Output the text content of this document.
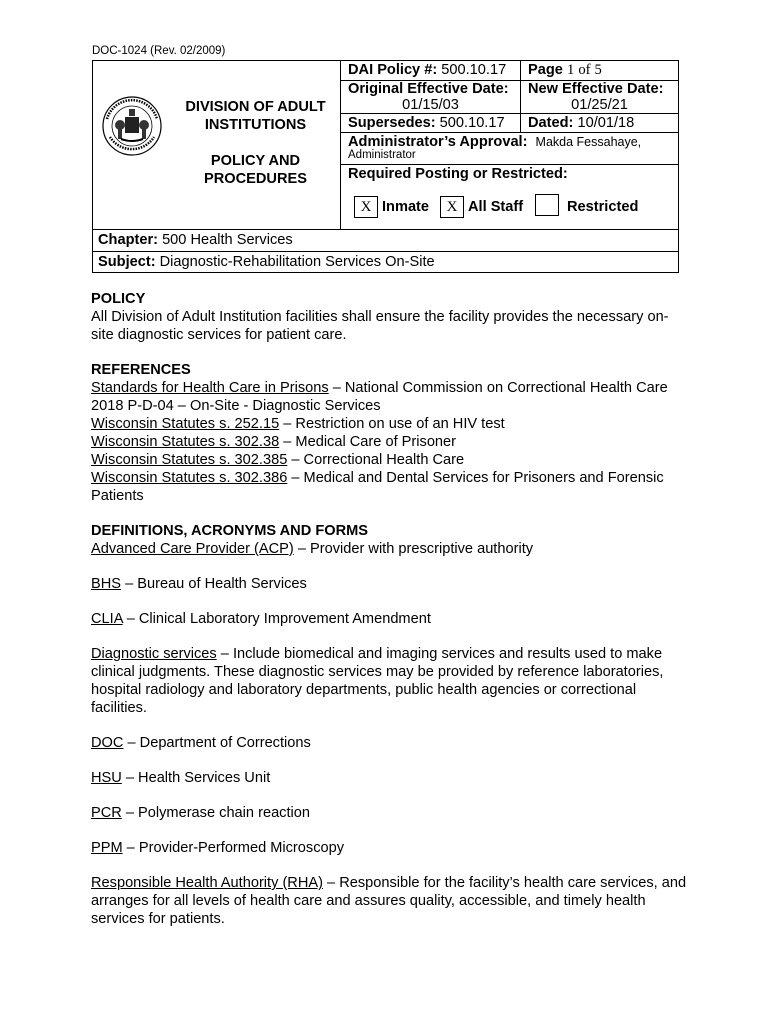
DOC-1024 (Rev. 02/2009)
DIVISION OF ADULT
INSTITUTIONS
POLICY AND
PROCEDURES
DAI Policy #: 500.10.17 Page 1 of 5
Original Effective Date:
01/15/03
New Effective Date:
01/25/21
Supersedes: 500.10.17 Dated: 10/01/18
Administrator’s Approval: Makda Fessahaye,
Administrator
Required Posting or Restricted:
X Inmate	X All Staff	Restricted
Chapter: 500 Health Services
Subject: Diagnostic-Rehabilitation Services On-Site

POLICY

All Division of Adult Institution facilities shall ensure the facility provides the necessary on-site diagnostic services for patient care.

REFERENCES

Standards for Health Care in Prisons – National Commission on Correctional Health Care 2018 P-D-04 – On-Site - Diagnostic Services

Wisconsin Statutes s. 252.15 – Restriction on use of an HIV test

Wisconsin Statutes s. 302.38 – Medical Care of Prisoner

Wisconsin Statutes s. 302.385 – Correctional Health Care

Wisconsin Statutes s. 302.386 – Medical and Dental Services for Prisoners and Forensic Patients

DEFINITIONS, ACRONYMS AND FORMS

Advanced Care Provider (ACP) – Provider with prescriptive authority

BHS – Bureau of Health Services

CLIA – Clinical Laboratory Improvement Amendment

Diagnostic services – Include biomedical and imaging services and results used to make clinical judgments. These diagnostic services may be provided by reference laboratories, hospital radiology and laboratory departments, public health agencies or correctional facilities.

DOC – Department of Corrections

HSU – Health Services Unit

PCR – Polymerase chain reaction

PPM – Provider-Performed Microscopy

Responsible Health Authority (RHA) – Responsible for the facility’s health care services, and arranges for all levels of health care and assures quality, accessible, and timely health services for patients.
